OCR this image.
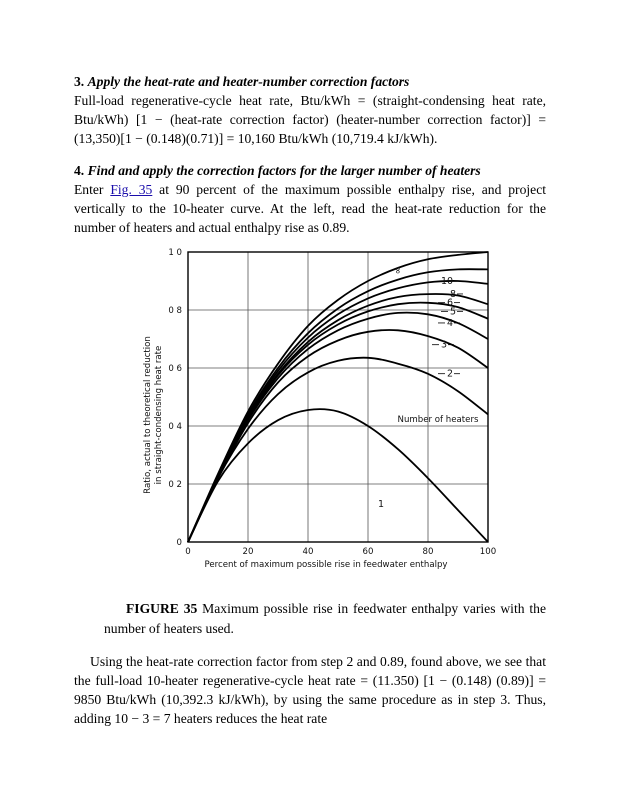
3. Apply the heat-rate and heater-number correction factors
Full-load regenerative-cycle heat rate, Btu/kWh = (straight-condensing heat rate, Btu/kWh) [1 − (heat-rate correction factor) (heater-number correction factor)] = (13,350)[1 − (0.148)(0.71)] = 10,160 Btu/kWh (10,719.4 kJ/kWh).
4. Find and apply the correction factors for the larger number of heaters
Enter Fig. 35 at 90 percent of the maximum possible enthalpy rise, and project vertically to the 10-heater curve. At the left, read the heat-rate reduction for the number of heaters and actual enthalpy rise as 0.89.
0	20	40	60	80	100
0
0 2
0 4
0 6
0 8
1 0
1
2
3
4
5
6
8
10
∞
Percent of maximum possible rise in feedwater enthalpy
Ratio, actual to theoretical reduction in straight-condensing heat rate	Number of heaters
FIGURE 35 Maximum possible rise in feedwater enthalpy varies with the number of heaters used.
Using the heat-rate correction factor from step 2 and 0.89, found above, we see that the full-load 10-heater regenerative-cycle heat rate = (11.350) [1 − (0.148) (0.89)] = 9850 Btu/kWh (10,392.3 kJ/kWh), by using the same procedure as in step 3. Thus, adding 10 − 3 = 7 heaters reduces the heat rate
